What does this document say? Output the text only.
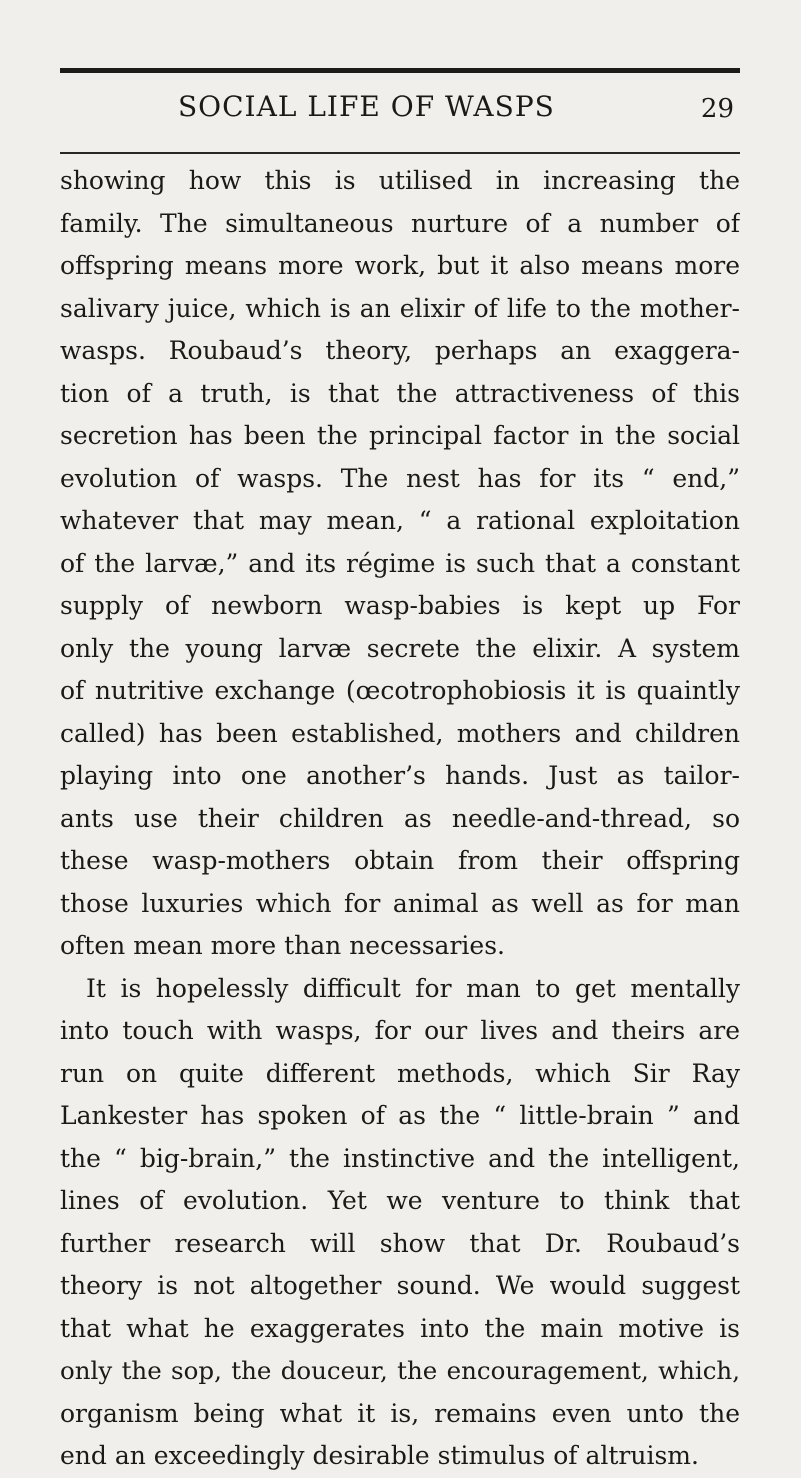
SOCIAL LIFE OF WASPS	29
showing how this is utilised in increasing the
family. The simultaneous nurture of a number of
offspring means more work, but it also means more
salivary juice, which is an elixir of life to the mother-
wasps. Roubaud’s theory, perhaps an exaggera-
tion of a truth, is that the attractiveness of this
secretion has been the principal factor in the social
evolution of wasps. The nest has for its “ end,”
whatever that may mean, “ a rational exploitation
of the larvæ,” and its régime is such that a constant
supply of newborn wasp-babies is kept up For
only the young larvæ secrete the elixir. A system
of nutritive exchange (œcotrophobiosis it is quaintly
called) has been established, mothers and children
playing into one another’s hands. Just as tailor-
ants use their children as needle-and-thread, so
these wasp-mothers obtain from their offspring
those luxuries which for animal as well as for man
often mean more than necessaries.
It is hopelessly difficult for man to get mentally
into touch with wasps, for our lives and theirs are
run on quite different methods, which Sir Ray
Lankester has spoken of as the “ little-brain ” and
the “ big-brain,” the instinctive and the intelligent,
lines of evolution. Yet we venture to think that
further research will show that Dr. Roubaud’s
theory is not altogether sound. We would suggest
that what he exaggerates into the main motive is
only the sop, the douceur, the encouragement, which,
organism being what it is, remains even unto the
end an exceedingly desirable stimulus of altruism.
